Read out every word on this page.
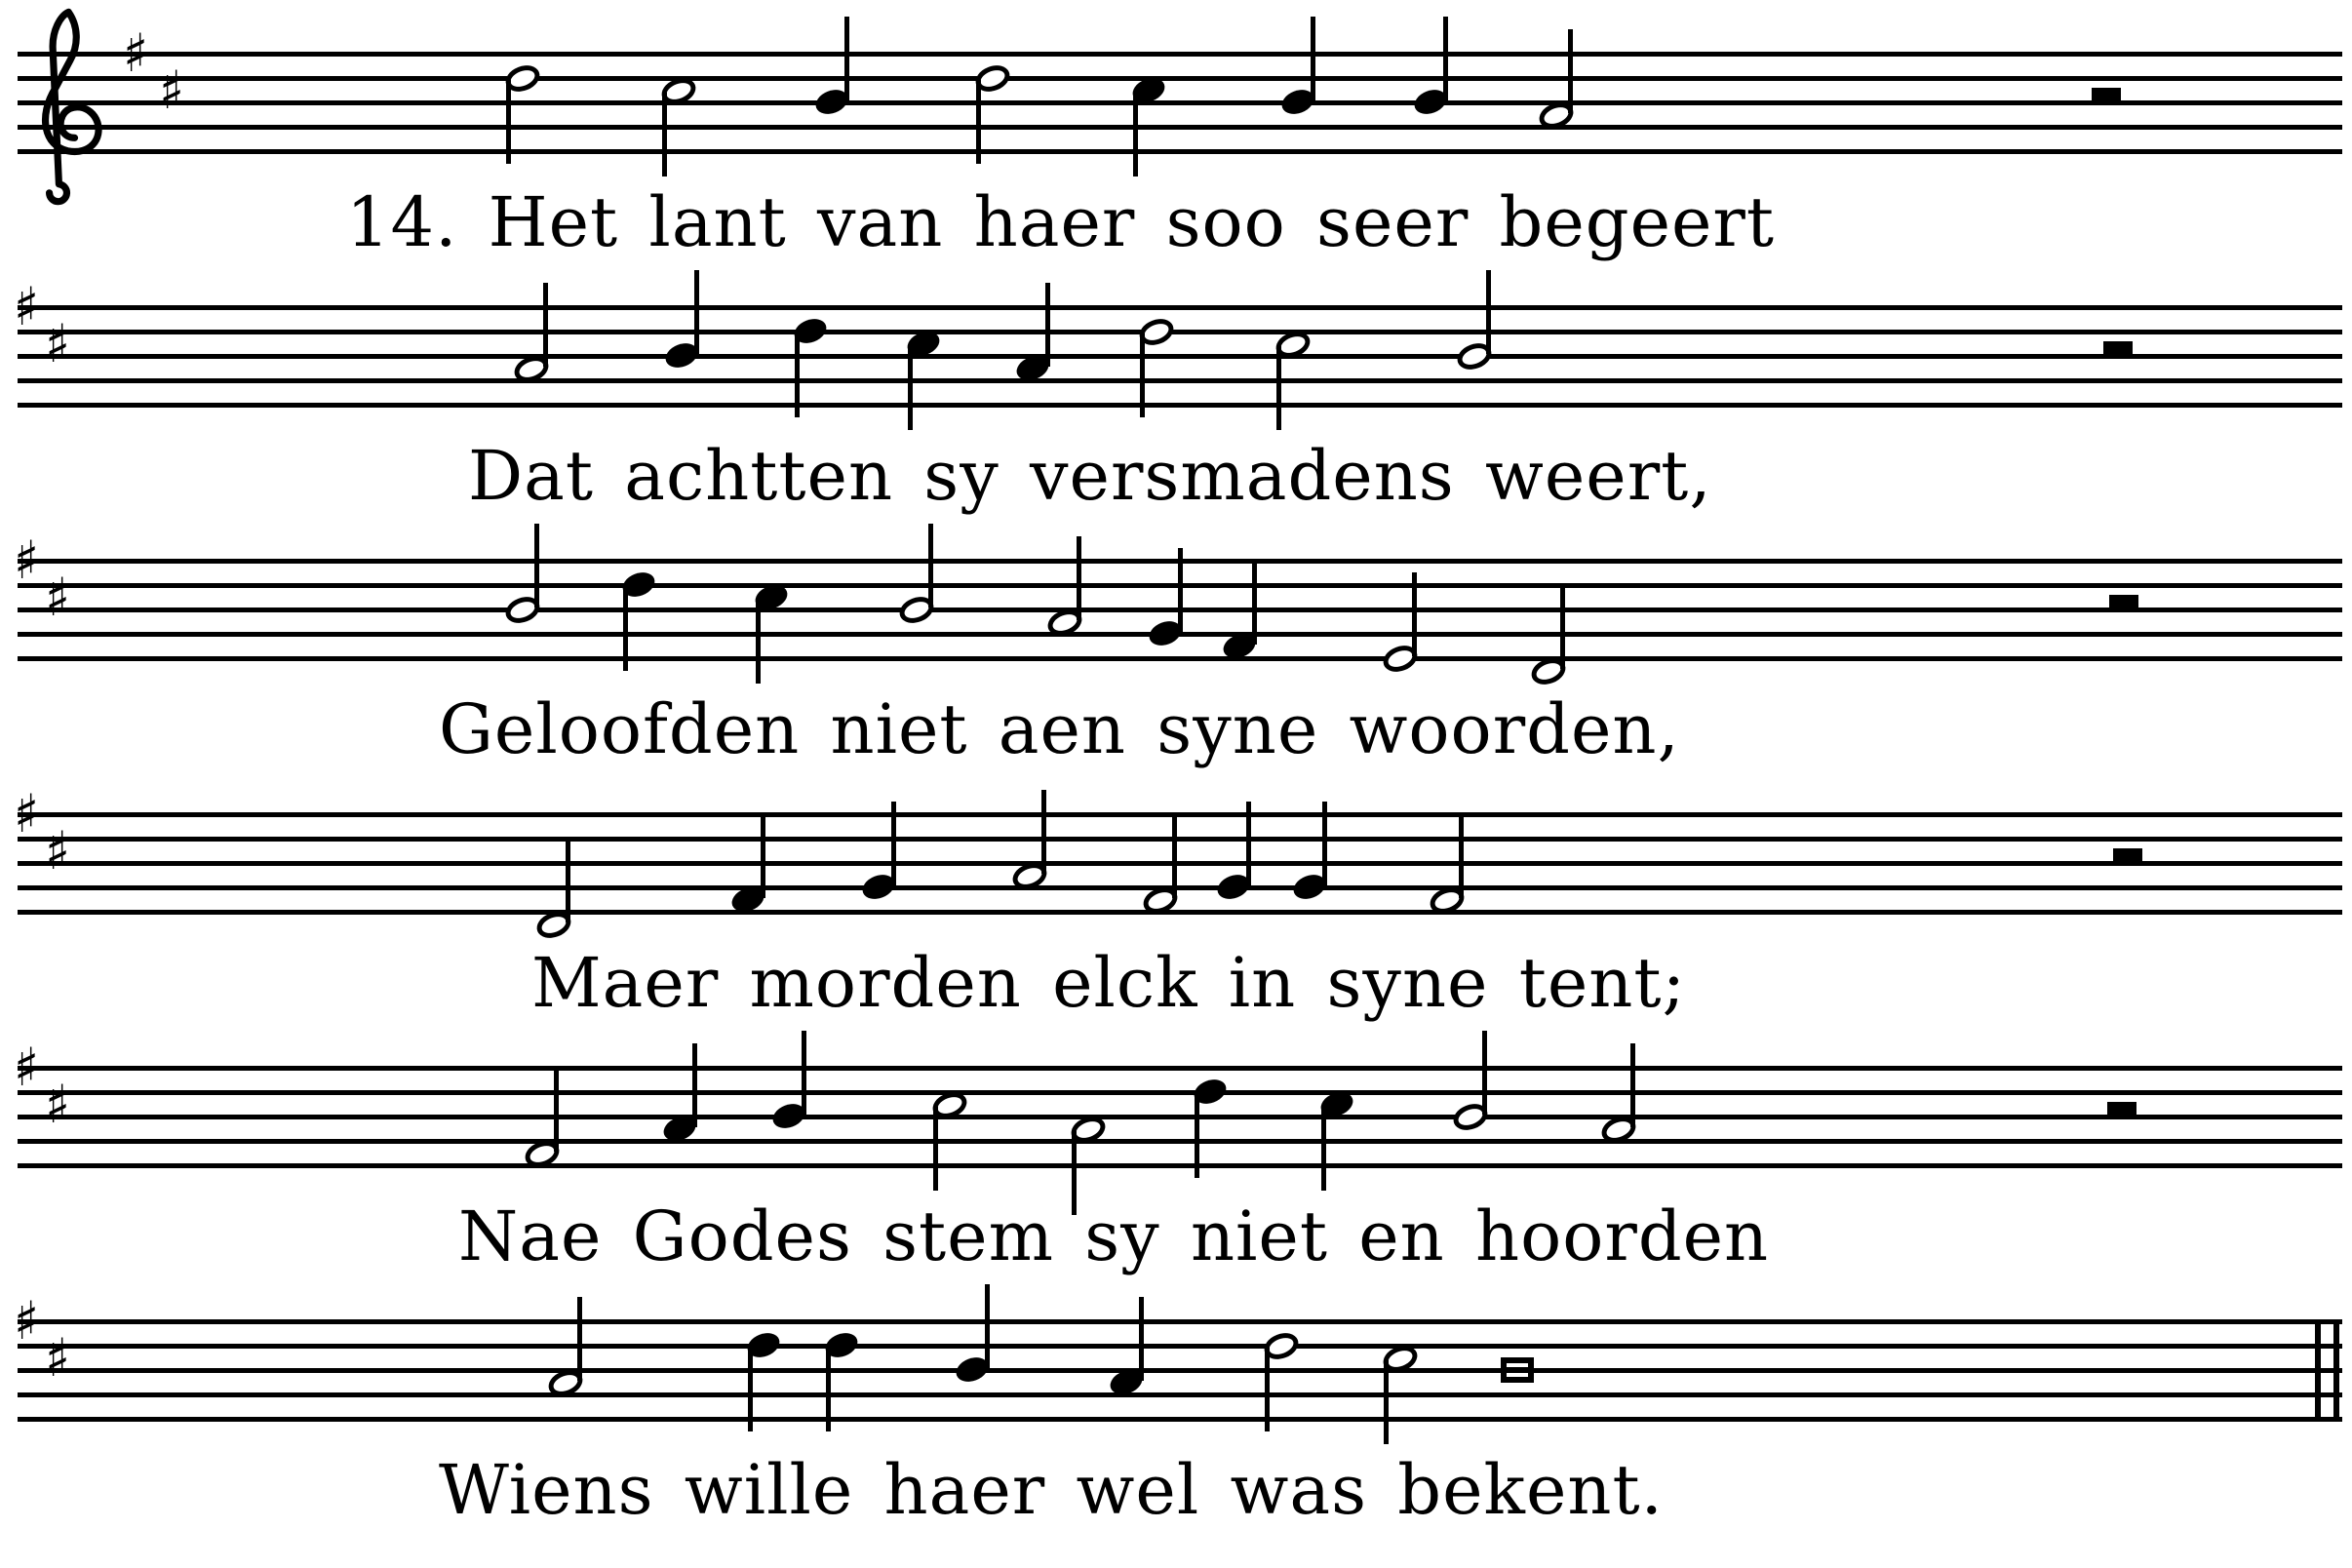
♯
♯
14. Het lant van haer soo seer begeert
♯
♯
Dat achtten sy versmadens weert,
♯
♯
Geloofden niet aen syne woorden,
♯
♯
Maer morden elck in syne tent;
♯
♯
Nae Godes stem sy niet en hoorden
♯
♯
Wiens wille haer wel was bekent.
